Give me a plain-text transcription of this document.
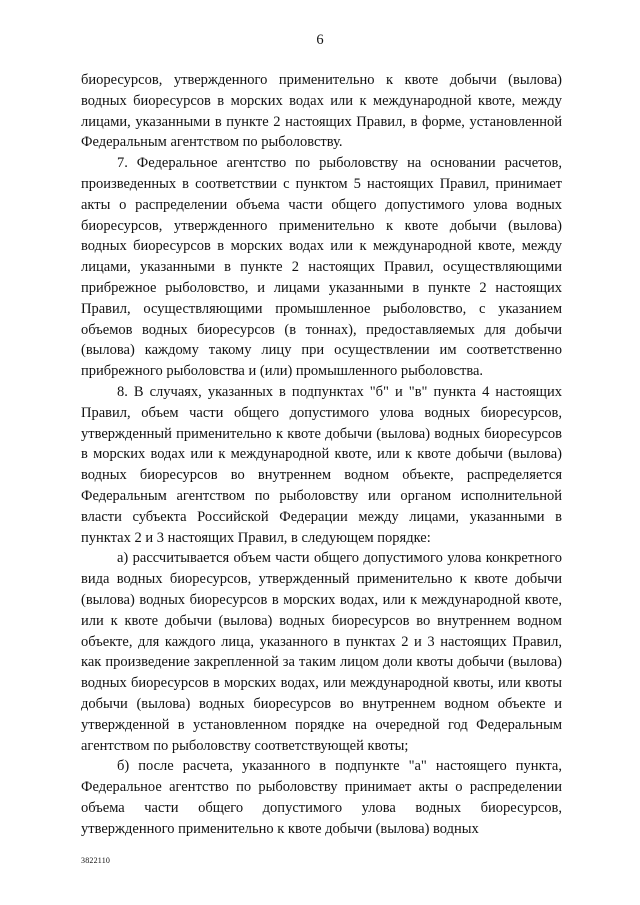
6

биоресурсов, утвержденного применительно к квоте добычи (вылова) водных биоресурсов в морских водах или к международной квоте, между лицами, указанными в пункте 2 настоящих Правил, в форме, установленной Федеральным агентством по рыболовству.

7. Федеральное агентство по рыболовству на основании расчетов, произведенных в соответствии с пунктом 5 настоящих Правил, принимает акты о распределении объема части общего допустимого улова водных биоресурсов, утвержденного применительно к квоте добычи (вылова) водных биоресурсов в морских водах или к международной квоте, между лицами, указанными в пункте 2 настоящих Правил, осуществляющими прибрежное рыболовство, и лицами указанными в пункте 2 настоящих Правил, осуществляющими промышленное рыболовство, с указанием объемов водных биоресурсов (в тоннах), предоставляемых для добычи (вылова) каждому такому лицу при осуществлении им соответственно прибрежного рыболовства и (или) промышленного рыболовства.

8. В случаях, указанных в подпунктах "б" и "в" пункта 4 настоящих Правил, объем части общего допустимого улова водных биоресурсов, утвержденный применительно к квоте добычи (вылова) водных биоресурсов в морских водах или к международной квоте, или к квоте добычи (вылова) водных биоресурсов во внутреннем водном объекте, распределяется Федеральным агентством по рыболовству или органом исполнительной власти субъекта Российской Федерации между лицами, указанными в пунктах 2 и 3 настоящих Правил, в следующем порядке:

а) рассчитывается объем части общего допустимого улова конкретного вида водных биоресурсов, утвержденный применительно к квоте добычи (вылова) водных биоресурсов в морских водах, или к международной квоте, или к квоте добычи (вылова) водных биоресурсов во внутреннем водном объекте, для каждого лица, указанного в пунктах 2 и 3 настоящих Правил, как произведение закрепленной за таким лицом доли квоты добычи (вылова) водных биоресурсов в морских водах, или международной квоты, или квоты добычи (вылова) водных биоресурсов во внутреннем водном объекте и утвержденной в установленном порядке на очередной год Федеральным агентством по рыболовству соответствующей квоты;

б) после расчета, указанного в подпункте "а" настоящего пункта, Федеральное агентство по рыболовству принимает акты о распределении объема части общего допустимого улова водных биоресурсов, утвержденного применительно к квоте добычи (вылова) водных

3822110
